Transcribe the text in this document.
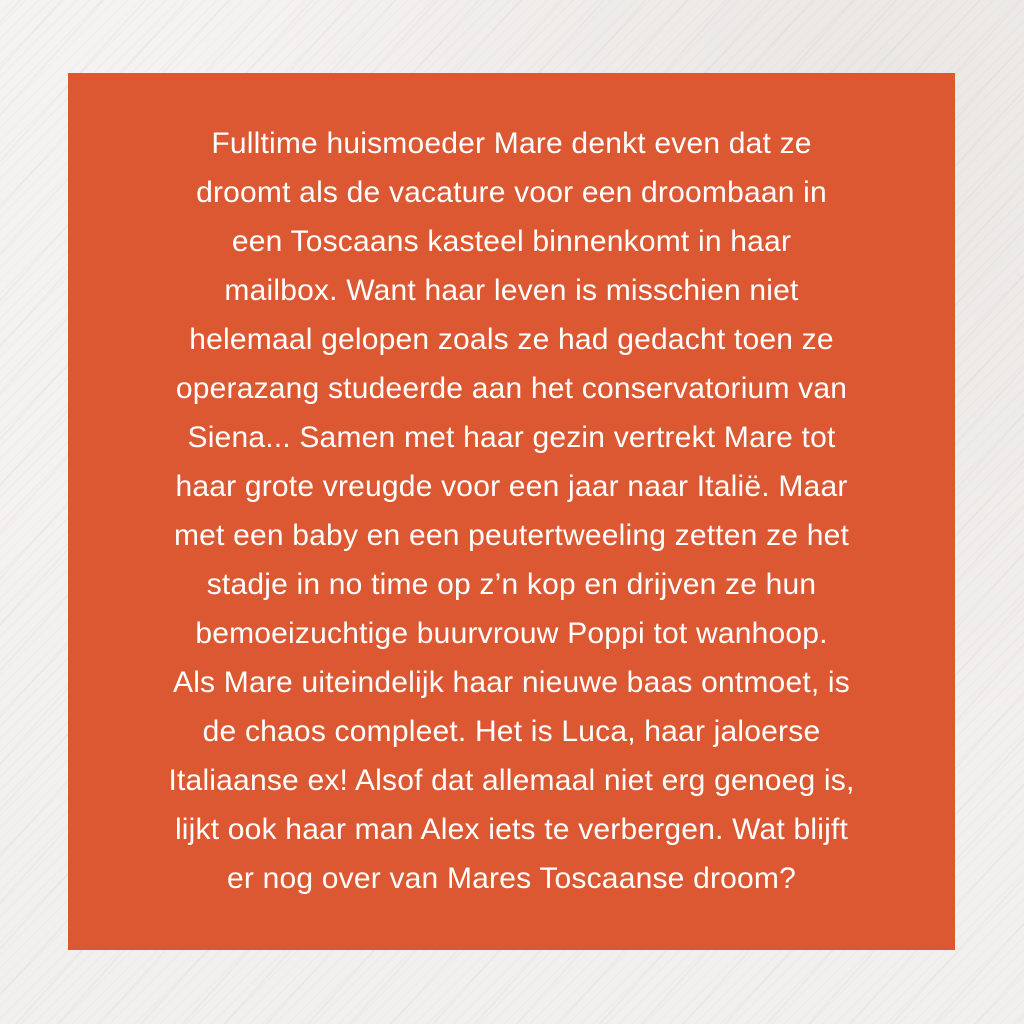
Fulltime huismoeder Mare denkt even dat ze
droomt als de vacature voor een droombaan in
een Toscaans kasteel binnenkomt in haar
mailbox. Want haar leven is misschien niet
helemaal gelopen zoals ze had gedacht toen ze
operazang studeerde aan het conservatorium van
Siena... Samen met haar gezin vertrekt Mare tot
haar grote vreugde voor een jaar naar Italië. Maar
met een baby en een peutertweeling zetten ze het
stadje in no time op z’n kop en drijven ze hun
bemoeizuchtige buurvrouw Poppi tot wanhoop.
Als Mare uiteindelijk haar nieuwe baas ontmoet, is
de chaos compleet. Het is Luca, haar jaloerse
Italiaanse ex! Alsof dat allemaal niet erg genoeg is,
lijkt ook haar man Alex iets te verbergen. Wat blijft
er nog over van Mares Toscaanse droom?
